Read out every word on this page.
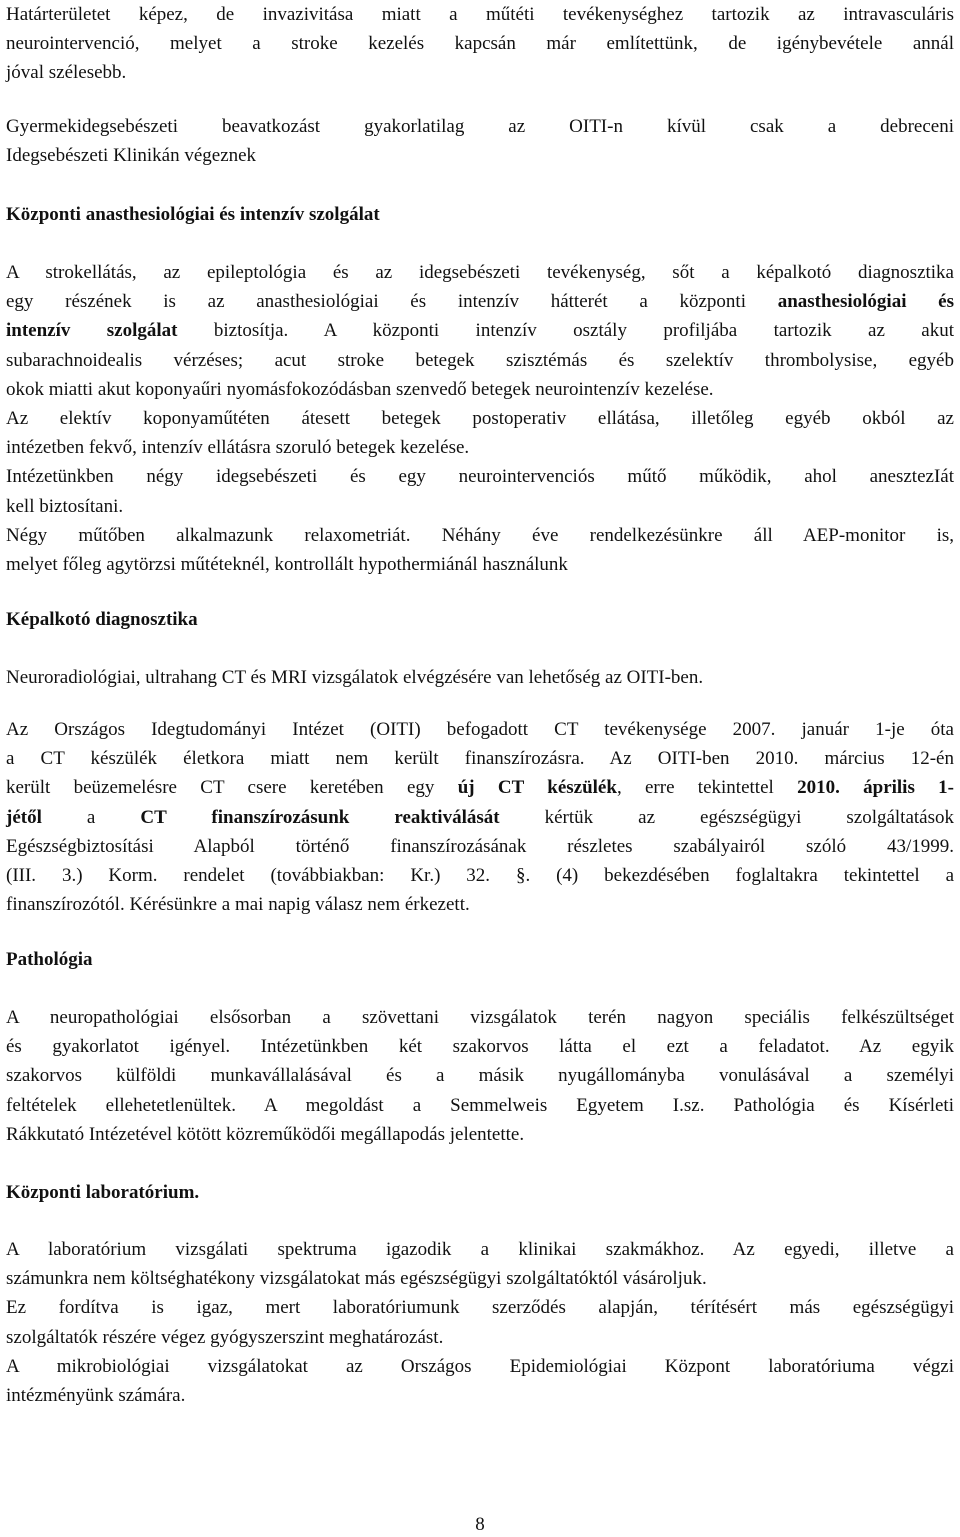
Határterületet képez, de invazivitása miatt a műtéti tevékenységhez tartozik az intravasculáris
neurointervenció, melyet a stroke kezelés kapcsán már említettünk, de igénybevétele annál
jóval szélesebb.

Gyermekidegsebészeti beavatkozást gyakorlatilag az OITI-n kívül csak a debreceni
Idegsebészeti Klinikán végeznek

Központi anasthesiológiai és intenzív szolgálat

A strokellátás, az epileptológia és az idegsebészeti tevékenység, sőt a képalkotó diagnosztika
egy részének is az anasthesiológiai és intenzív hátterét a központi anasthesiológiai és
intenzív szolgálat biztosítja. A központi intenzív osztály profiljába tartozik az akut
subarachnoidealis vérzéses; acut stroke betegek szisztémás és szelektív thrombolysise, egyéb
okok miatti akut koponyaűri nyomásfokozódásban szenvedő betegek neurointenzív kezelése.
Az elektív koponyaműtéten átesett betegek postoperativ ellátása, illetőleg egyéb okból az
intézetben fekvő, intenzív ellátásra szoruló betegek kezelése.
Intézetünkben négy idegsebészeti és egy neurointervenciós műtő működik, ahol anesztezIát
kell biztosítani.
Négy műtőben alkalmazunk relaxometriát. Néhány éve rendelkezésünkre áll AEP-monitor is,
melyet főleg agytörzsi műtéteknél, kontrollált hypothermiánál használunk

Képalkotó diagnosztika

Neuroradiológiai, ultrahang CT és MRI vizsgálatok elvégzésére van lehetőség az OITI-ben.

Az Országos Idegtudományi Intézet (OITI) befogadott CT tevékenysége 2007. január 1-je óta
a CT készülék életkora miatt nem került finanszírozásra. Az OITI-ben 2010. március 12-én
került beüzemelésre CT csere keretében egy új CT készülék, erre tekintettel 2010. április 1-
jétől a CT finanszírozásunk reaktiválását kértük az egészségügyi szolgáltatások
Egészségbiztosítási Alapból történő finanszírozásának részletes szabályairól szóló 43/1999.
(III. 3.) Korm. rendelet (továbbiakban: Kr.) 32. §. (4) bekezdésében foglaltakra tekintettel a
finanszírozótól. Kérésünkre a mai napig válasz nem érkezett.

Pathológia

A neuropathológiai elsősorban a szövettani vizsgálatok terén nagyon speciális felkészültséget
és gyakorlatot igényel. Intézetünkben két szakorvos látta el ezt a feladatot. Az egyik
szakorvos külföldi munkavállalásával és a másik nyugállományba vonulásával a személyi
feltételek ellehetetlenültek. A megoldást a Semmelweis Egyetem I.sz. Pathológia és Kísérleti
Rákkutató Intézetével kötött közreműködői megállapodás jelentette.

Központi laboratórium.

A laboratórium vizsgálati spektruma igazodik a klinikai szakmákhoz. Az egyedi, illetve a
számunkra nem költséghatékony vizsgálatokat más egészségügyi szolgáltatóktól vásároljuk.
Ez fordítva is igaz, mert laboratóriumunk szerződés alapján, térítésért más egészségügyi
szolgáltatók részére végez gyógyszerszint meghatározást.
A mikrobiológiai vizsgálatokat az Országos Epidemiológiai Központ laboratóriuma végzi
intézményünk számára.

8
